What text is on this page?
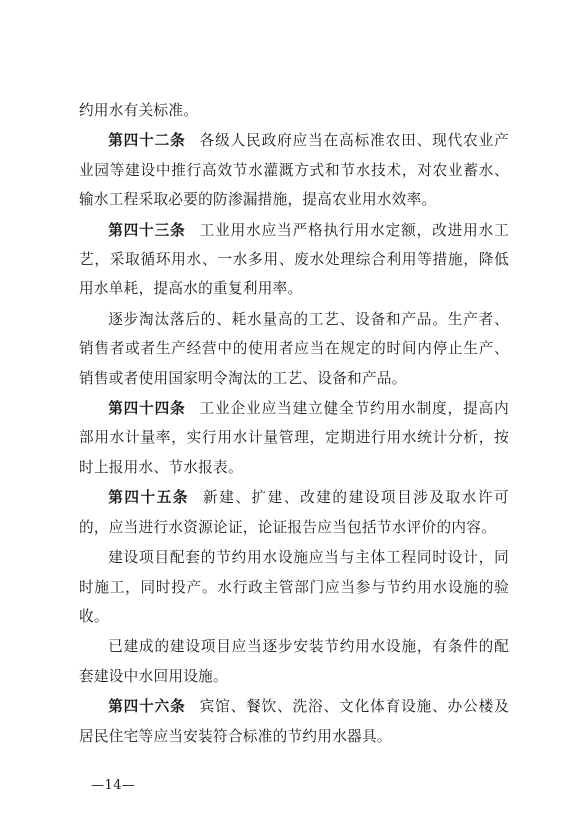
约用水有关标准。

第四十二条 各级人民政府应当在高标准农田、现代农业产业园等建设中推行高效节水灌溉方式和节水技术，对农业蓄水、输水工程采取必要的防渗漏措施，提高农业用水效率。

第四十三条 工业用水应当严格执行用水定额，改进用水工艺，采取循环用水、一水多用、废水处理综合利用等措施，降低用水单耗，提高水的重复利用率。

逐步淘汰落后的、耗水量高的工艺、设备和产品。生产者、销售者或者生产经营中的使用者应当在规定的时间内停止生产、销售或者使用国家明令淘汰的工艺、设备和产品。

第四十四条 工业企业应当建立健全节约用水制度，提高内部用水计量率，实行用水计量管理，定期进行用水统计分析，按时上报用水、节水报表。

第四十五条 新建、扩建、改建的建设项目涉及取水许可的，应当进行水资源论证，论证报告应当包括节水评价的内容。

建设项目配套的节约用水设施应当与主体工程同时设计，同时施工，同时投产。水行政主管部门应当参与节约用水设施的验收。

已建成的建设项目应当逐步安装节约用水设施，有条件的配套建设中水回用设施。

第四十六条 宾馆、餐饮、洗浴、文化体育设施、办公楼及居民住宅等应当安装符合标准的节约用水器具。

—14—
